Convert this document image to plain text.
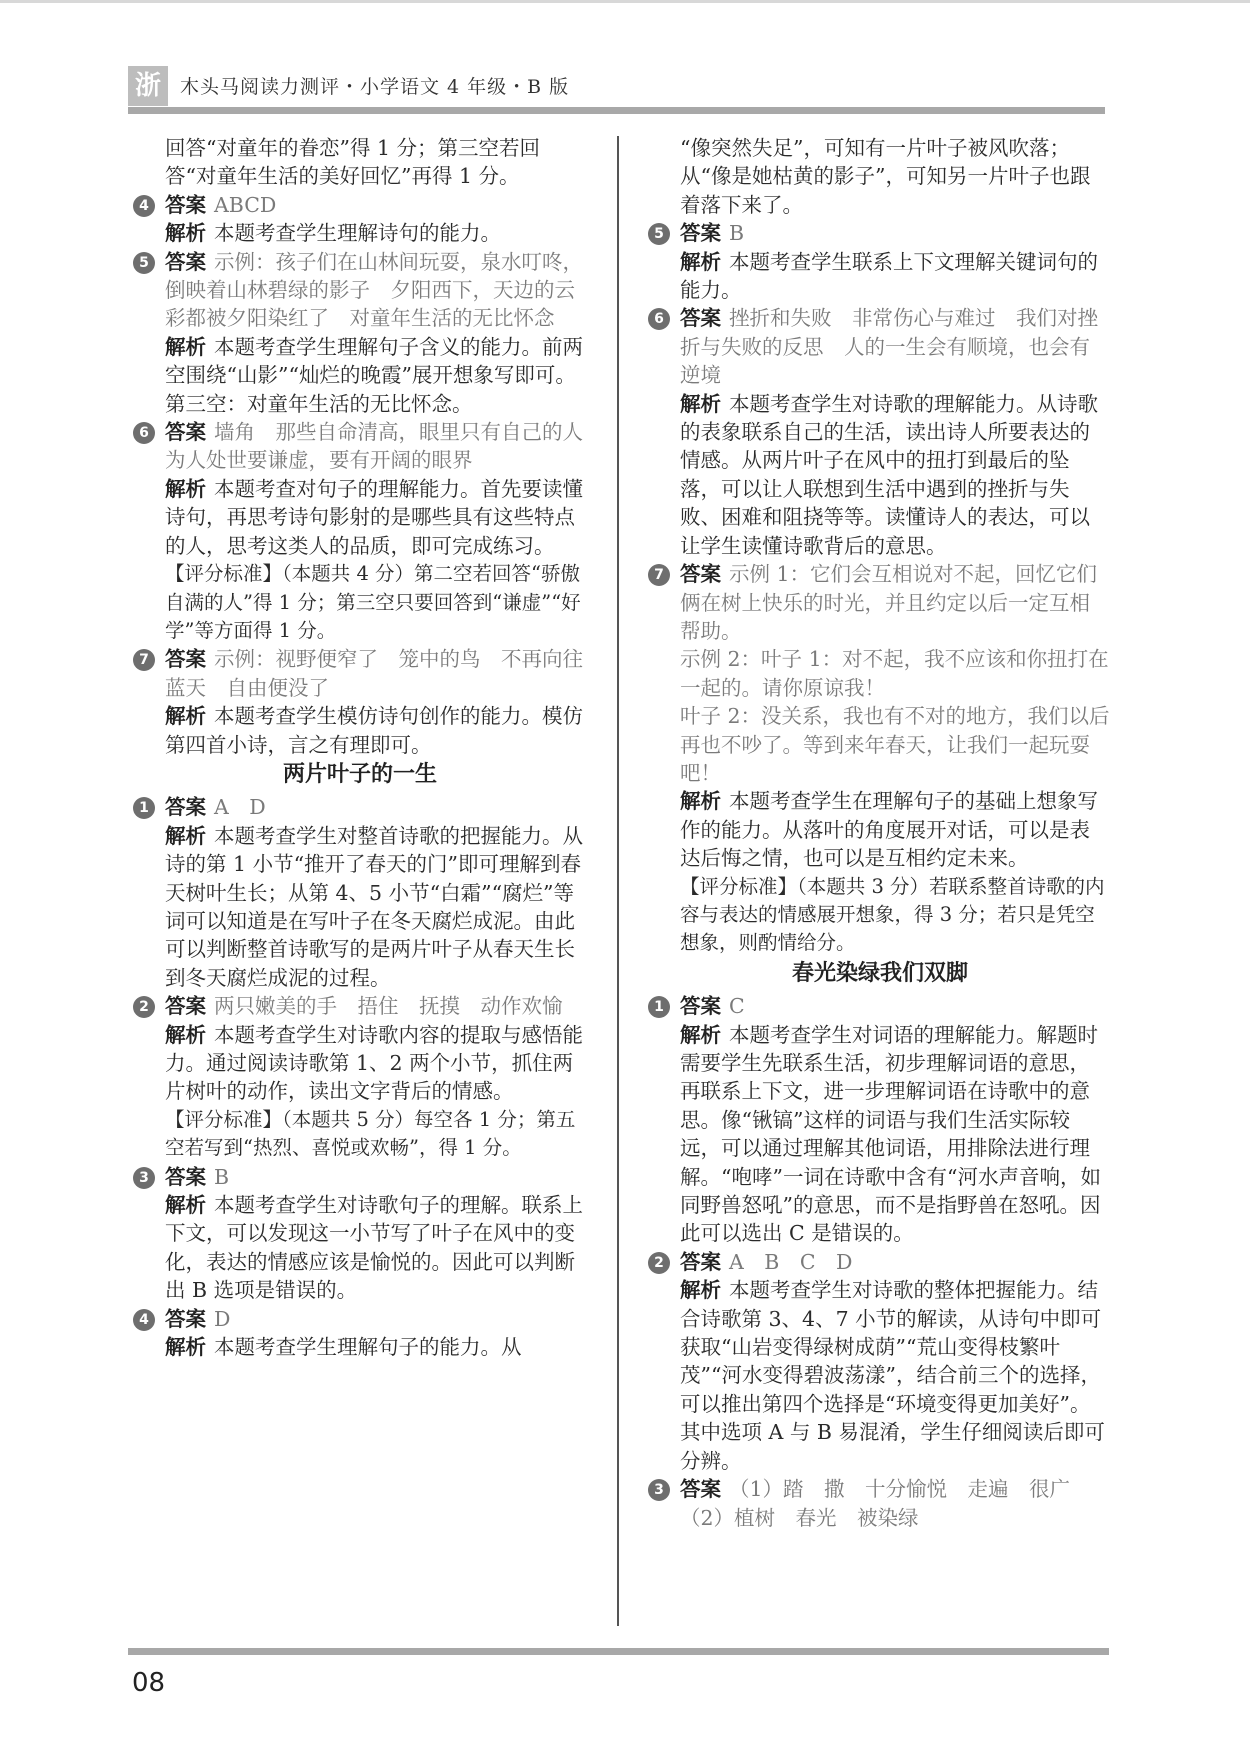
浙	木头马阅读力测评・小学语文 4 年级・B 版

回答“对童年的眷恋”得 1 分；第三空若回答“对童年生活的美好回忆”再得 1 分。

4 答案 ABCD

解析 本题考查学生理解诗句的能力。

5 答案 示例：孩子们在山林间玩耍，泉水叮咚，倒映着山林碧绿的影子　夕阳西下，天边的云彩都被夕阳染红了　对童年生活的无比怀念

解析 本题考查学生理解句子含义的能力。前两空围绕“山影”“灿烂的晚霞”展开想象写即可。第三空：对童年生活的无比怀念。

6 答案 墙角　那些自命清高，眼里只有自己的人　为人处世要谦虚，要有开阔的眼界

解析 本题考查对句子的理解能力。首先要读懂诗句，再思考诗句影射的是哪些具有这些特点的人，思考这类人的品质，即可完成练习。

【评分标准】（本题共 4 分）第二空若回答“骄傲自满的人”得 1 分；第三空只要回答到“谦虚”“好学”等方面得 1 分。

7 答案 示例：视野便窄了　笼中的鸟　不再向往蓝天　自由便没了

解析 本题考查学生模仿诗句创作的能力。模仿第四首小诗，言之有理即可。

两片叶子的一生
1 答案 A　D

解析 本题考查学生对整首诗歌的把握能力。从诗的第 1 小节“推开了春天的门”即可理解到春天树叶生长；从第 4、5 小节“白霜”“腐烂”等词可以知道是在写叶子在冬天腐烂成泥。由此可以判断整首诗歌写的是两片叶子从春天生长到冬天腐烂成泥的过程。

2 答案 两只嫩美的手　捂住　抚摸　动作欢愉

解析 本题考查学生对诗歌内容的提取与感悟能力。通过阅读诗歌第 1、2 两个小节，抓住两片树叶的动作，读出文字背后的情感。

【评分标准】（本题共 5 分）每空各 1 分；第五空若写到“热烈、喜悦或欢畅”，得 1 分。

3 答案 B

解析 本题考查学生对诗歌句子的理解。联系上下文，可以发现这一小节写了叶子在风中的变化，表达的情感应该是愉悦的。因此可以判断出 B 选项是错误的。

4 答案 D

解析 本题考查学生理解句子的能力。从

“像突然失足”，可知有一片叶子被风吹落；从“像是她枯黄的影子”，可知另一片叶子也跟着落下来了。

5 答案 B

解析 本题考查学生联系上下文理解关键词句的能力。

6 答案 挫折和失败　非常伤心与难过　我们对挫折与失败的反思　人的一生会有顺境，也会有逆境

解析 本题考查学生对诗歌的理解能力。从诗歌的表象联系自己的生活，读出诗人所要表达的情感。从两片叶子在风中的扭打到最后的坠落，可以让人联想到生活中遇到的挫折与失败、困难和阻挠等等。读懂诗人的表达，可以让学生读懂诗歌背后的意思。

7 答案 示例 1：它们会互相说对不起，回忆它们俩在树上快乐的时光，并且约定以后一定互相帮助。

示例 2：叶子 1：对不起，我不应该和你扭打在一起的。请你原谅我！

叶子 2：没关系，我也有不对的地方，我们以后再也不吵了。等到来年春天，让我们一起玩耍吧！

解析 本题考查学生在理解句子的基础上想象写作的能力。从落叶的角度展开对话，可以是表达后悔之情，也可以是互相约定未来。

【评分标准】（本题共 3 分）若联系整首诗歌的内容与表达的情感展开想象，得 3 分；若只是凭空想象，则酌情给分。

春光染绿我们双脚
1 答案 C

解析 本题考查学生对词语的理解能力。解题时需要学生先联系生活，初步理解词语的意思，再联系上下文，进一步理解词语在诗歌中的意思。像“锹镐”这样的词语与我们生活实际较远，可以通过理解其他词语，用排除法进行理解。“咆哮”一词在诗歌中含有“河水声音响，如同野兽怒吼”的意思，而不是指野兽在怒吼。因此可以选出 C 是错误的。

2 答案 A　B　C　D

解析 本题考查学生对诗歌的整体把握能力。结合诗歌第 3、4、7 小节的解读，从诗句中即可获取“山岩变得绿树成荫”“荒山变得枝繁叶茂”“河水变得碧波荡漾”，结合前三个的选择，可以推出第四个选择是“环境变得更加美好”。其中选项 A 与 B 易混淆，学生仔细阅读后即可分辨。

3 答案 （1）踏　撒　十分愉悦　走遍　很广

（2）植树　春光　被染绿

08
